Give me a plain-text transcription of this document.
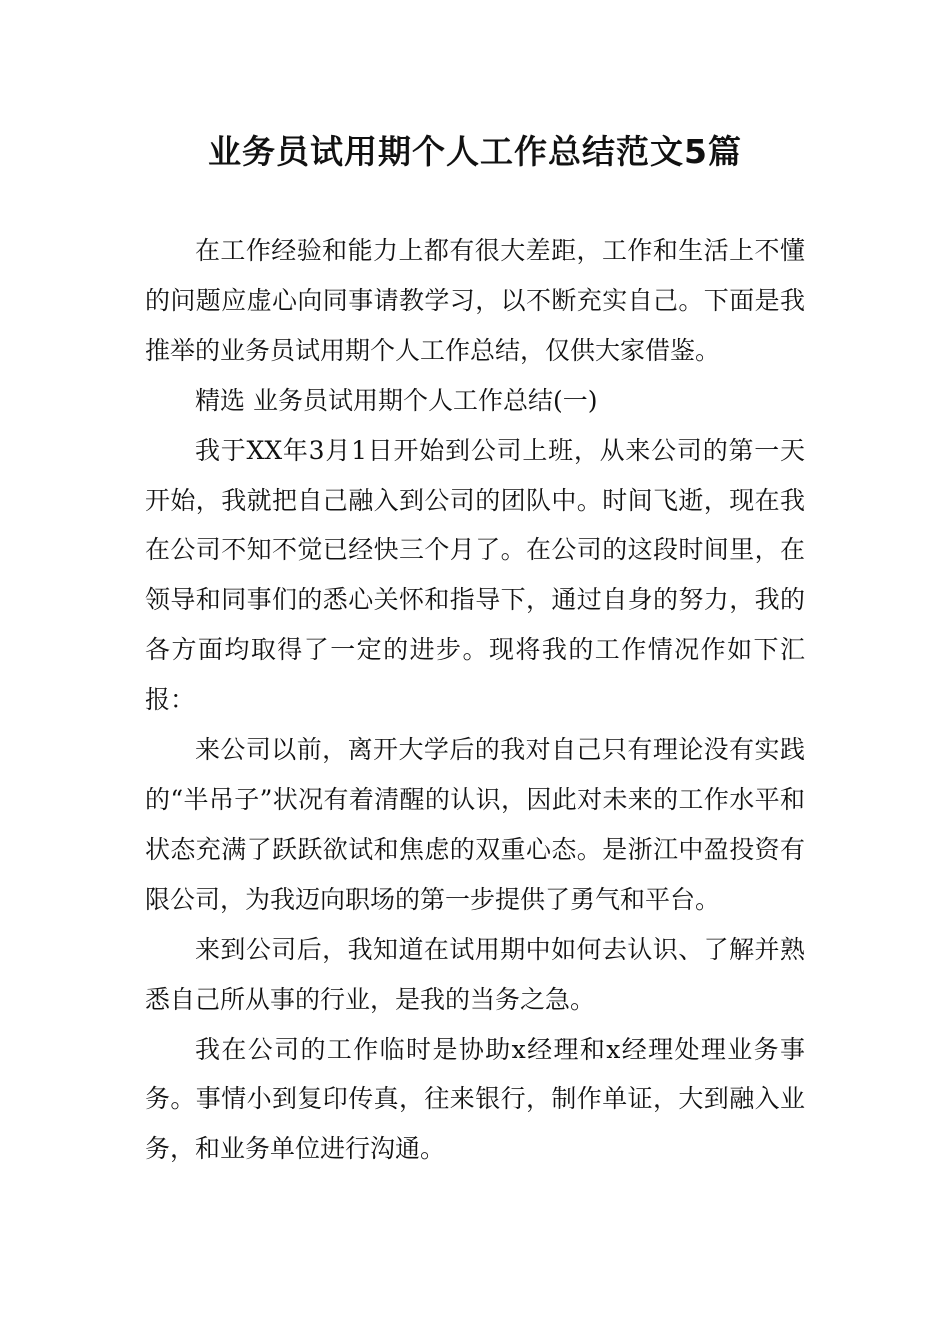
业务员试用期个人工作总结范文5篇

在工作经验和能力上都有很大差距，工作和生活上不懂的问题应虚心向同事请教学习，以不断充实自己。下面是我推举的业务员试用期个人工作总结，仅供大家借鉴。

精选 业务员试用期个人工作总结(一)

我于XX年3月1日开始到公司上班，从来公司的第一天开始，我就把自己融入到公司的团队中。时间飞逝，现在我在公司不知不觉已经快三个月了。在公司的这段时间里，在领导和同事们的悉心关怀和指导下，通过自身的努力，我的各方面均取得了一定的进步。现将我的工作情况作如下汇报：

来公司以前，离开大学后的我对自己只有理论没有实践的“半吊子”状况有着清醒的认识，因此对未来的工作水平和状态充满了跃跃欲试和焦虑的双重心态。是浙江中盈投资有限公司，为我迈向职场的第一步提供了勇气和平台。

来到公司后，我知道在试用期中如何去认识、了解并熟悉自己所从事的行业，是我的当务之急。

我在公司的工作临时是协助x经理和x经理处理业务事务。事情小到复印传真，往来银行，制作单证，大到融入业务，和业务单位进行沟通。
